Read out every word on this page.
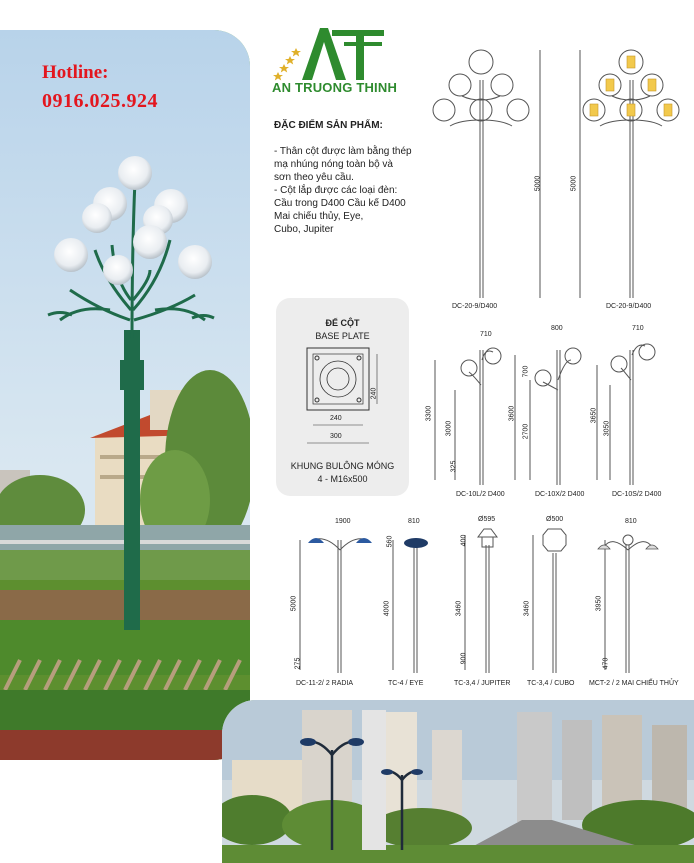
Hotline:
0916.025.924
AN TRUONG THINH
ĐẶC ĐIỂM SẢN PHẨM:
- Thân cột được làm bằng thép
mạ nhúng nóng toàn bộ và
sơn theo yêu cầu.
- Cột lắp được các loại đèn:
Cầu trong D400 Cầu kế D400
Mai chiếu thủy, Eye,
Cubo, Jupiter
ĐẾ CỘT
BASE PLATE
240
300
240
KHUNG BULÔNG MÓNG
4 - M16x500
5000	5000
DC-20-9/D400	DC-20-9/D400
710
800	710
3300
3000
325
3600
2700
700
3650
3050
DC-10L/2 D400	DC-10X/2 D400	DC-10S/2 D400
1900	810	Ø595	Ø500	810
5000
275
4000
560
3460
900
400
3460	3950
470
DC-11-2/ 2 RADIA	TC-4 / EYE	TC-3,4 / JUPITER TC-3,4 / CUBO MCT-2 / 2 MAI CHIẾU THỦY
